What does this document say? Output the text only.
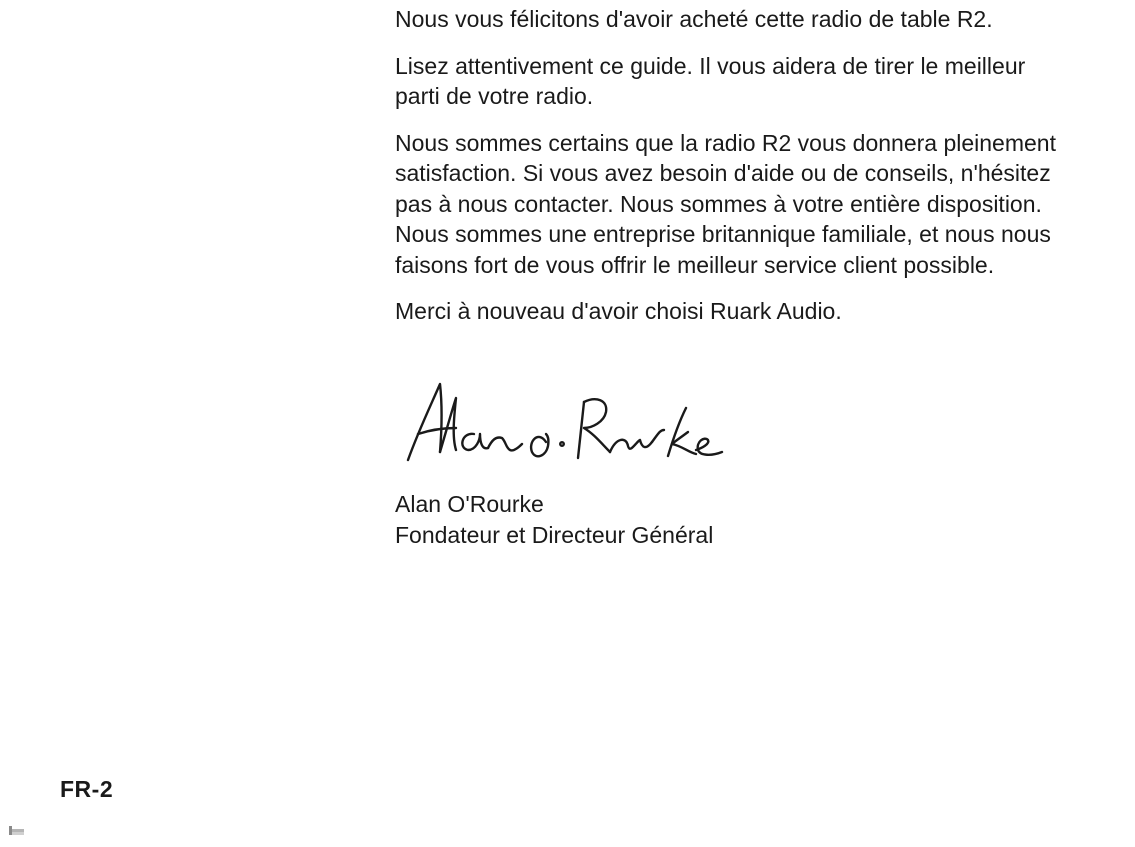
Nous vous félicitons d'avoir acheté cette radio de table R2.

Lisez attentivement ce guide. Il vous aidera de tirer le meilleur
parti de votre radio.

Nous sommes certains que la radio R2 vous donnera pleinement
satisfaction. Si vous avez besoin d'aide ou de conseils, n'hésitez
pas à nous contacter. Nous sommes à votre entière disposition.
Nous sommes une entreprise britannique familiale, et nous nous
faisons fort de vous offrir le meilleur service client possible.

Merci à nouveau d'avoir choisi Ruark Audio.

Alan O'Rourke
Fondateur et Directeur Général
FR-2
